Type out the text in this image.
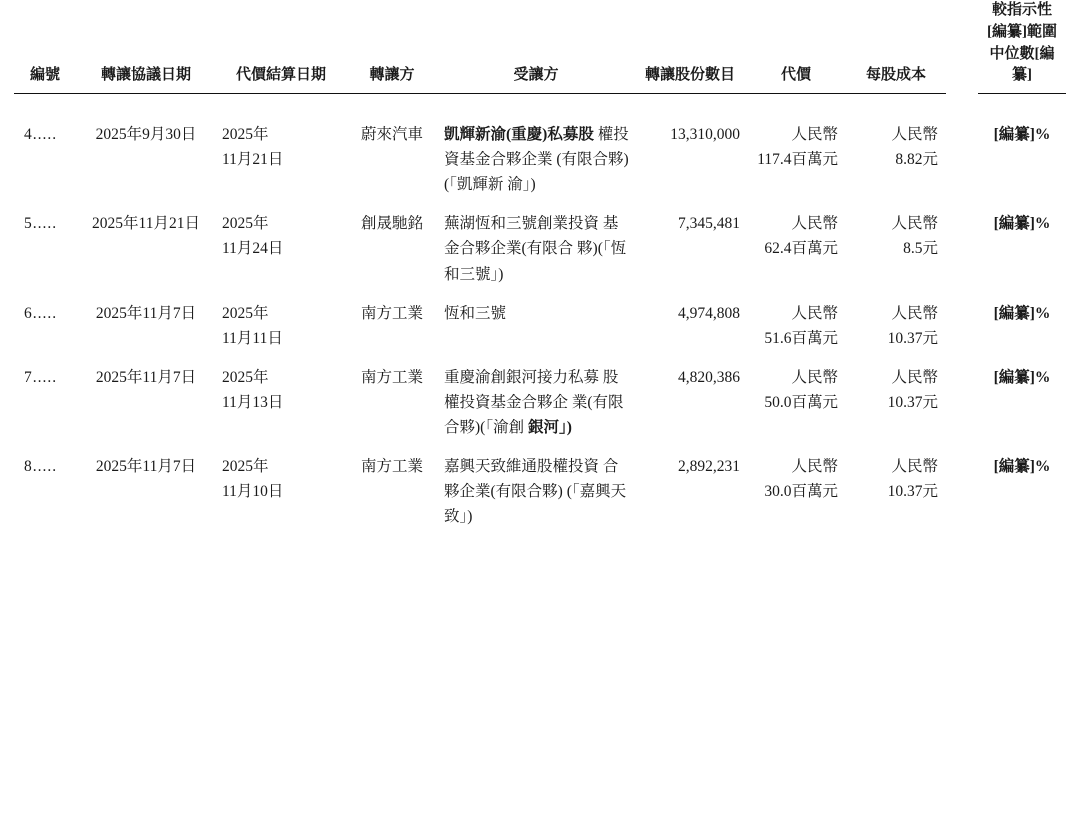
編號	轉讓協議日期	代價結算日期	轉讓方	受讓方	轉讓股份數目	代價	每股成本		較指示性
[編纂]範圍
中位數[編纂]

4.....	2025年9月30日	2025年
11月21日	蔚來汽車	凱輝新渝(重慶)私募股 權投資基金合夥企業 (有限合夥)(「凱輝新 渝」)	13,310,000	人民幣
117.4百萬元	人民幣
8.82元		[編纂]%

5.....	2025年11月21日	2025年
11月24日	創晟馳銘	蕪湖恆和三號創業投資 基金合夥企業(有限合 夥)(「恆和三號」)	7,345,481	人民幣
62.4百萬元	人民幣
8.5元		[編纂]%

6.....	2025年11月7日	2025年
11月11日	南方工業	恆和三號	4,974,808	人民幣
51.6百萬元	人民幣
10.37元		[編纂]%

7.....	2025年11月7日	2025年
11月13日	南方工業	重慶渝創銀河接力私募 股權投資基金合夥企 業(有限合夥)(「渝創 銀河」)	4,820,386	人民幣
50.0百萬元	人民幣
10.37元		[編纂]%

8.....	2025年11月7日	2025年
11月10日	南方工業	嘉興天致維通股權投資 合夥企業(有限合夥) (「嘉興天致」)	2,892,231	人民幣
30.0百萬元	人民幣
10.37元		[編纂]%
